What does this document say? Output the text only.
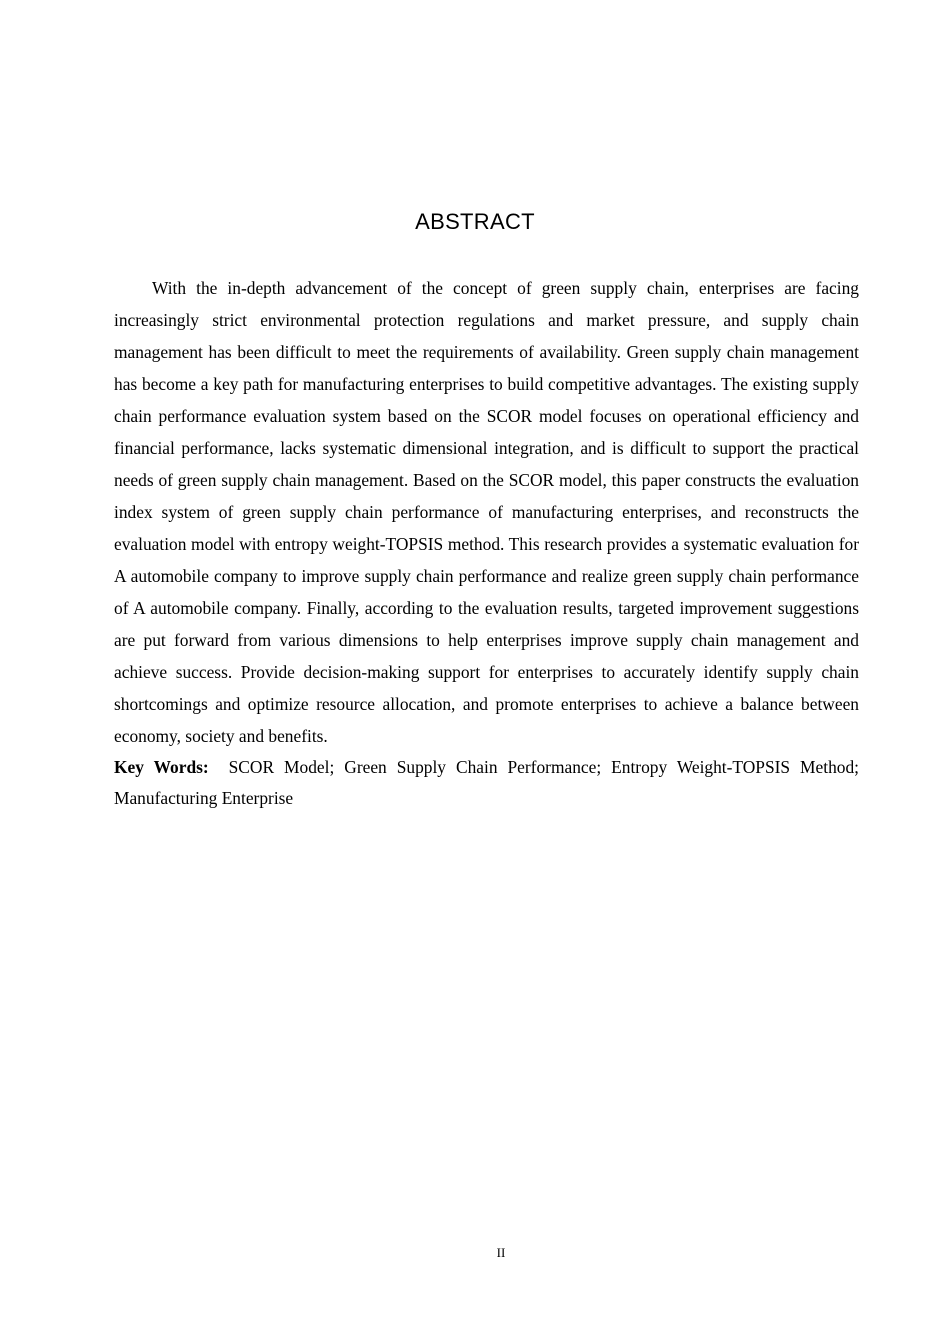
ABSTRACT

With the in-depth advancement of the concept of green supply chain, enterprises are facing increasingly strict environmental protection regulations and market pressure, and supply chain management has been difficult to meet the requirements of availability. Green supply chain management has become a key path for manufacturing enterprises to build competitive advantages. The existing supply chain performance evaluation system based on the SCOR model focuses on operational efficiency and financial performance, lacks systematic dimensional integration, and is difficult to support the practical needs of green supply chain management. Based on the SCOR model, this paper constructs the evaluation index system of green supply chain performance of manufacturing enterprises, and reconstructs the evaluation model with entropy weight-TOPSIS method. This research provides a systematic evaluation for A automobile company to improve supply chain performance and realize green supply chain performance of A automobile company. Finally, according to the evaluation results, targeted improvement suggestions are put forward from various dimensions to help enterprises improve supply chain management and achieve success. Provide decision-making support for enterprises to accurately identify supply chain shortcomings and optimize resource allocation, and promote enterprises to achieve a balance between economy, society and benefits.

Key Words: SCOR Model; Green Supply Chain Performance; Entropy Weight-TOPSIS Method; Manufacturing Enterprise

II
